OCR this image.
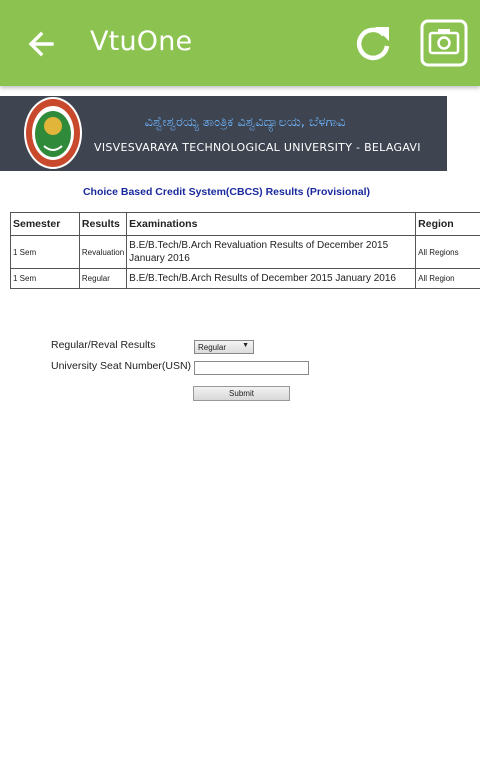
VtuOne
ವಿಶ್ವೇಶ್ವರಯ್ಯ ತಾಂತ್ರಿಕ ವಿಶ್ವವಿದ್ಯಾಲಯ, ಬೆಳಗಾವಿ
VISVESVARAYA TECHNOLOGICAL UNIVERSITY - BELAGAVI
Choice Based Credit System(CBCS) Results (Provisional)
Semester	Results	Examinations	Region
1 Sem	Revaluation	B.E/B.Tech/B.Arch Revaluation Results of December 2015 January 2016	All Regions
1 Sem	Regular	B.E/B.Tech/B.Arch Results of December 2015 January 2016	All Region
Regular/Reval Results	Regular ▼
University Seat Number(USN)
Submit
